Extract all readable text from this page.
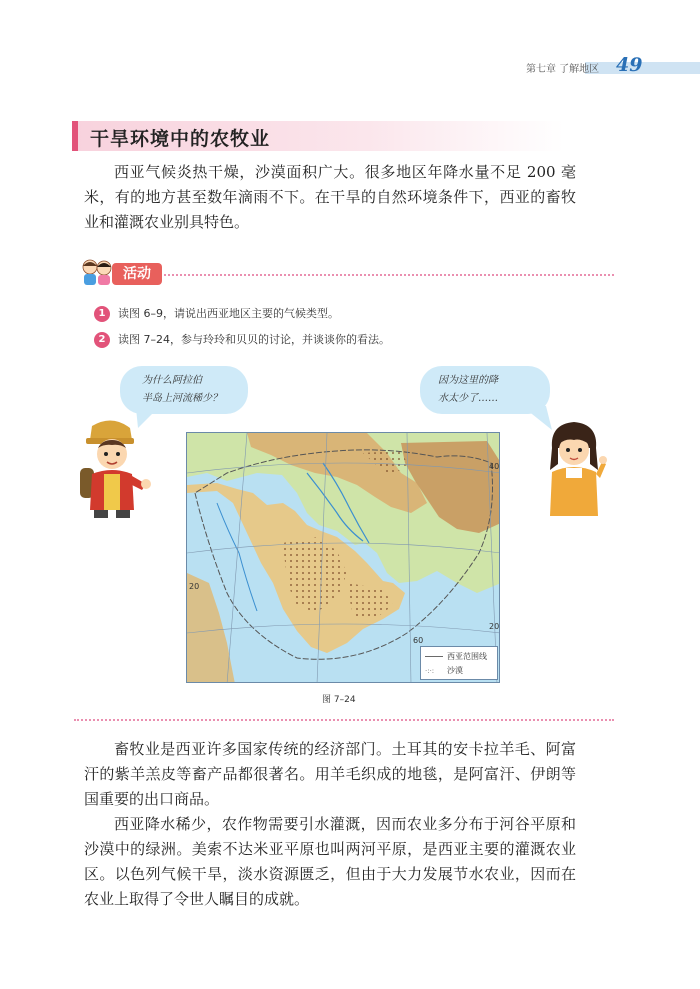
第七章 了解地区 49
干旱环境中的农牧业
西亚气候炎热干燥，沙漠面积广大。很多地区年降水量不足 200 毫米，有的地方甚至数年滴雨不下。在干旱的自然环境条件下，西亚的畜牧业和灌溉农业别具特色。
活动
1 读图 6–9，请说出西亚地区主要的气候类型。
2 读图 7–24，参与玲玲和贝贝的讨论，并谈谈你的看法。
为什么阿拉伯
半岛上河流稀少？
因为这里的降
水太少了……
40
20
60
20
西亚范围线
·:·: 沙漠
图 7–24

畜牧业是西亚许多国家传统的经济部门。土耳其的安卡拉羊毛、阿富汗的紫羊羔皮等畜产品都很著名。用羊毛织成的地毯，是阿富汗、伊朗等国重要的出口商品。

西亚降水稀少，农作物需要引水灌溉，因而农业多分布于河谷平原和沙漠中的绿洲。美索不达米亚平原也叫两河平原，是西亚主要的灌溉农业区。以色列气候干旱，淡水资源匮乏，但由于大力发展节水农业，因而在农业上取得了令世人瞩目的成就。
